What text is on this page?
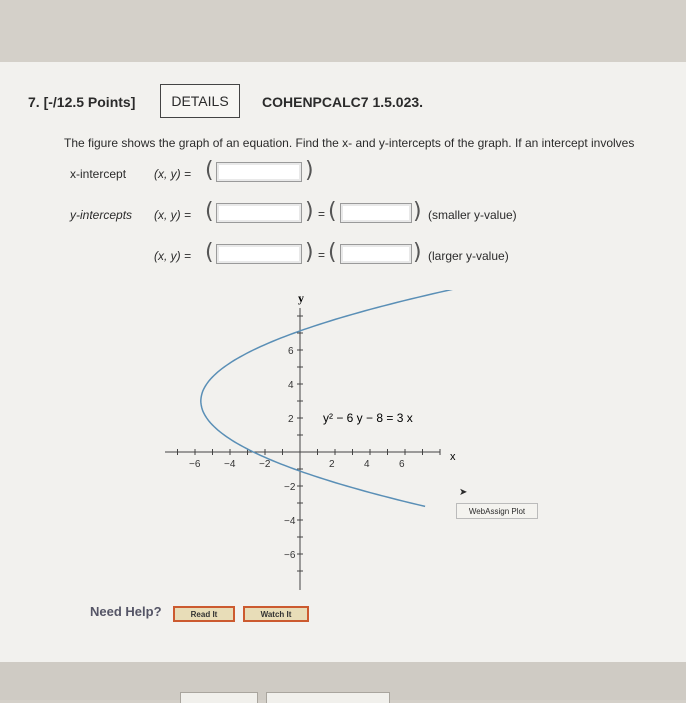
7. [-/12.5 Points]	DETAILS	COHENPCALC7 1.5.023.
The figure shows the graph of an equation. Find the x- and y-intercepts of the graph. If an intercept involves
x-intercept (x, y) = (	)
y-intercepts (x, y) = (	) = (	) (smaller y-value)
(x, y) = (	) = (	) (larger y-value)
−6 −4 −2	2	4	6
6
4
2
−2
−4
−6
y
x
y² − 6 y − 8 = 3 x
➤
WebAssign Plot
Need Help?	Read It	Watch It
